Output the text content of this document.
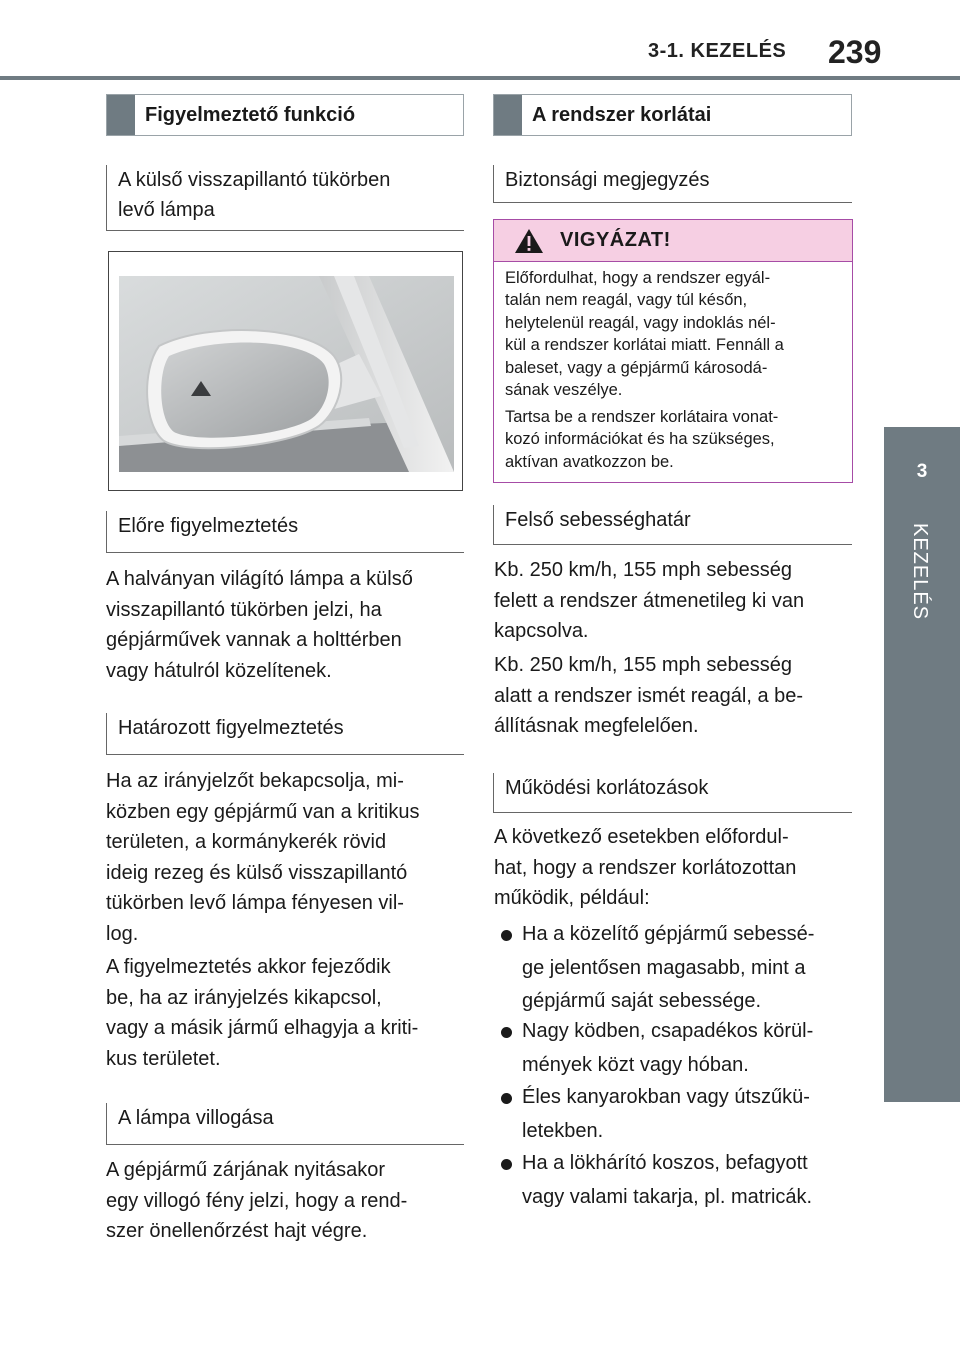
3-1. KEZELÉS 239
3
KEZELÉS
Figyelmeztető funkció
A külső visszapillantó tükörben
levő lámpa
Előre figyelmeztetés
A halványan világító lámpa a külső
visszapillantó tükörben jelzi, ha
gépjárművek vannak a holttérben
vagy hátulról közelítenek.
Határozott figyelmeztetés
Ha az irányjelzőt bekapcsolja, mi-
közben egy gépjármű van a kritikus
területen, a kormánykerék rövid
ideig rezeg és külső visszapillantó
tükörben levő lámpa fényesen vil-
log.
A figyelmeztetés akkor fejeződik
be, ha az irányjelzés kikapcsol,
vagy a másik jármű elhagyja a kriti-
kus területet.
A lámpa villogása
A gépjármű zárjának nyitásakor
egy villogó fény jelzi, hogy a rend-
szer önellenőrzést hajt végre.
A rendszer korlátai
Biztonsági megjegyzés
VIGYÁZAT!
Előfordulhat, hogy a rendszer egyál-
talán nem reagál, vagy túl későn,
helytelenül reagál, vagy indoklás nél-
kül a rendszer korlátai miatt. Fennáll a
baleset, vagy a gépjármű károsodá-
sának veszélye.
Tartsa be a rendszer korlátaira vonat-
kozó információkat és ha szükséges,
aktívan avatkozzon be.
Felső sebességhatár
Kb. 250 km/h, 155 mph sebesség
felett a rendszer átmenetileg ki van
kapcsolva.
Kb. 250 km/h, 155 mph sebesség
alatt a rendszer ismét reagál, a be-
állításnak megfelelően.
Működési korlátozások
A következő esetekben előfordul-
hat, hogy a rendszer korlátozottan
működik, például:
Ha a közelítő gépjármű sebessé-
ge jelentősen magasabb, mint a
gépjármű saját sebessége.
Nagy ködben, csapadékos körül-
mények közt vagy hóban.
Éles kanyarokban vagy útszűkü-
letekben.
Ha a lökhárító koszos, befagyott
vagy valami takarja, pl. matricák.
